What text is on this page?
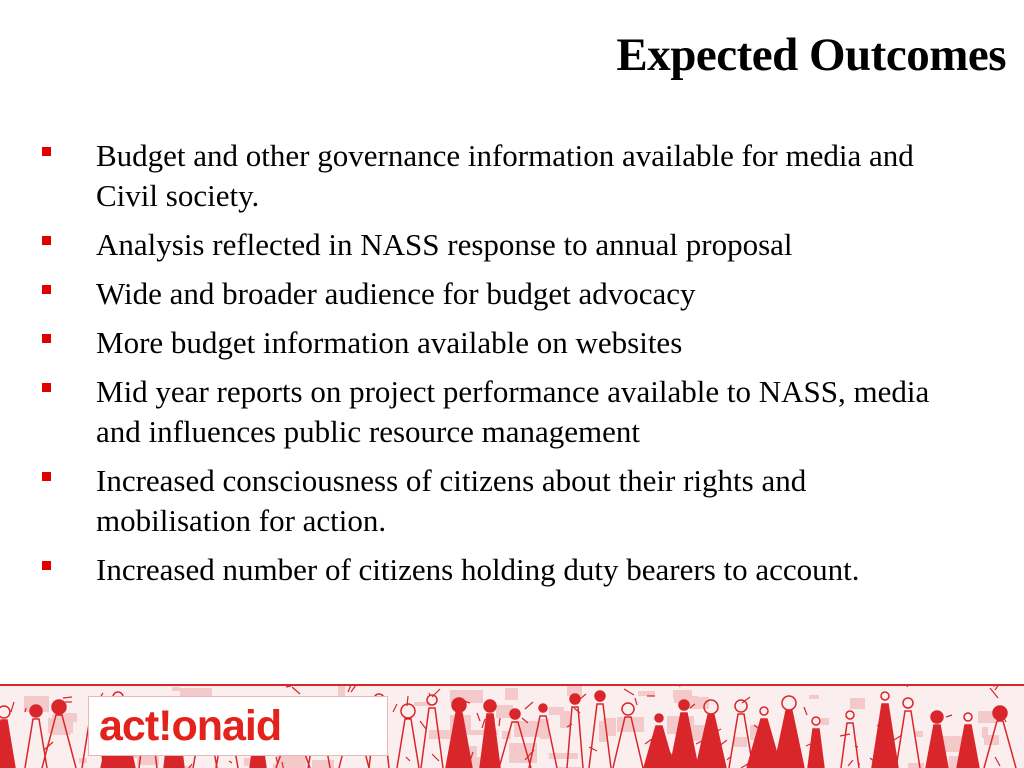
Expected Outcomes
Budget and other governance information available for media and Civil society.
Analysis reflected in NASS response to annual proposal
Wide and broader audience for budget advocacy
More budget information available on websites
Mid year reports on project performance available to NASS, media and influences public resource management
Increased consciousness of citizens about their rights and mobilisation for action.
Increased number of citizens holding duty bearers to account.
act!onaid
